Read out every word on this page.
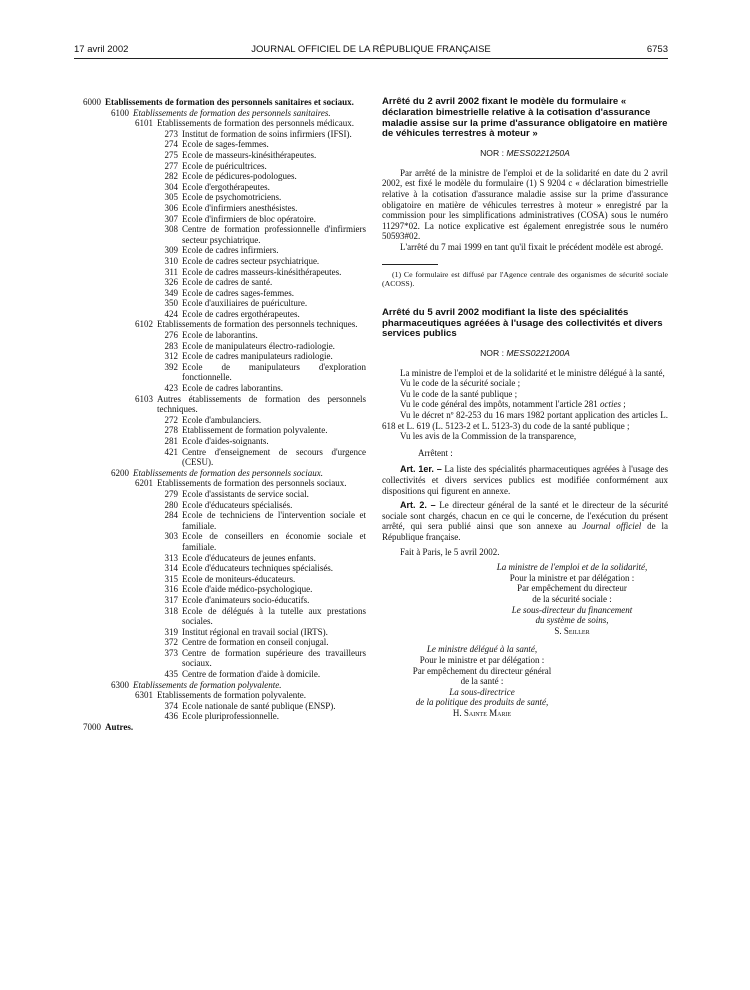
17 avril 2002	JOURNAL OFFICIEL DE LA RÉPUBLIQUE FRANÇAISE	6753
6000 Etablissements de formation des personnels sanitaires et sociaux.
6100 Etablissements de formation des personnels sanitaires.
6101 Etablissements de formation des personnels médicaux.
273 Institut de formation de soins infirmiers (IFSI).
274 Ecole de sages-femmes.
275 Ecole de masseurs-kinésithérapeutes.
277 Ecole de puéricultrices.
282 Ecole de pédicures-podologues.
304 Ecole d'ergothérapeutes.
305 Ecole de psychomotriciens.
306 Ecole d'infirmiers anesthésistes.
307 Ecole d'infirmiers de bloc opératoire.
308 Centre de formation professionnelle d'infirmiers secteur psychiatrique.
309 Ecole de cadres infirmiers.
310 Ecole de cadres secteur psychiatrique.
311 Ecole de cadres masseurs-kinésithérapeutes.
326 Ecole de cadres de santé.
349 Ecole de cadres sages-femmes.
350 Ecole d'auxiliaires de puériculture.
424 Ecole de cadres ergothérapeutes.
6102 Etablissements de formation des personnels techniques.
276 Ecole de laborantins.
283 Ecole de manipulateurs électro-radiologie.
312 Ecole de cadres manipulateurs radiologie.
392 Ecole de manipulateurs d'exploration fonctionnelle.
423 Ecole de cadres laborantins.
6103 Autres établissements de formation des personnels techniques.
272 Ecole d'ambulanciers.
278 Etablissement de formation polyvalente.
281 Ecole d'aides-soignants.
421 Centre d'enseignement de secours d'urgence (CESU).
6200 Etablissements de formation des personnels sociaux.
6201 Etablissements de formation des personnels sociaux.
279 Ecole d'assistants de service social.
280 Ecole d'éducateurs spécialisés.
284 Ecole de techniciens de l'intervention sociale et familiale.
303 Ecole de conseillers en économie sociale et familiale.
313 Ecole d'éducateurs de jeunes enfants.
314 Ecole d'éducateurs techniques spécialisés.
315 Ecole de moniteurs-éducateurs.
316 Ecole d'aide médico-psychologique.
317 Ecole d'animateurs socio-éducatifs.
318 Ecole de délégués à la tutelle aux prestations sociales.
319 Institut régional en travail social (IRTS).
372 Centre de formation en conseil conjugal.
373 Centre de formation supérieure des travailleurs sociaux.
435 Centre de formation d'aide à domicile.
6300 Etablissements de formation polyvalente.
6301 Etablissements de formation polyvalente.
374 Ecole nationale de santé publique (ENSP).
436 Ecole pluriprofessionnelle.
7000 Autres.
Arrêté du 2 avril 2002 fixant le modèle du formulaire « déclaration bimestrielle relative à la cotisation d'assurance maladie assise sur la prime d'assurance obligatoire en matière de véhicules terrestres à moteur »
NOR : MESS0221250A

Par arrêté de la ministre de l'emploi et de la solidarité en date du 2 avril 2002, est fixé le modèle du formulaire (1) S 9204 c « déclaration bimestrielle relative à la cotisation d'assurance maladie assise sur la prime d'assurance obligatoire en matière de véhicules terrestres à moteur » enregistré par la commission pour les simplifications administratives (COSA) sous le numéro 11297*02. La notice explicative est également enregistrée sous le numéro 50593#02.

L'arrêté du 7 mai 1999 en tant qu'il fixait le précédent modèle est abrogé.

(1) Ce formulaire est diffusé par l'Agence centrale des organismes de sécurité sociale (ACOSS).
Arrêté du 5 avril 2002 modifiant la liste des spécialités pharmaceutiques agréées à l'usage des collectivités et divers services publics
NOR : MESS0221200A

La ministre de l'emploi et de la solidarité et le ministre délégué à la santé,

Vu le code de la sécurité sociale ;

Vu le code de la santé publique ;

Vu le code général des impôts, notamment l'article 281 octies ;

Vu le décret nº 82-253 du 16 mars 1982 portant application des articles L. 618 et L. 619 (L. 5123-2 et L. 5123-3) du code de la santé publique ;

Vu les avis de la Commission de la transparence,

Arrêtent :

Art. 1er. – La liste des spécialités pharmaceutiques agréées à l'usage des collectivités et divers services publics est modifiée conformément aux dispositions qui figurent en annexe.

Art. 2. – Le directeur général de la santé et le directeur de la sécurité sociale sont chargés, chacun en ce qui le concerne, de l'exécution du présent arrêté, qui sera publié ainsi que son annexe au Journal officiel de la République française.

Fait à Paris, le 5 avril 2002.

La ministre de l'emploi et de la solidarité,
Pour la ministre et par délégation :
Par empêchement du directeur
de la sécurité sociale :
Le sous-directeur du financement
du système de soins,
S. Seiller
Le ministre délégué à la santé,
Pour le ministre et par délégation :
Par empêchement du directeur général
de la santé :
La sous-directrice
de la politique des produits de santé,
H. Sainte Marie
